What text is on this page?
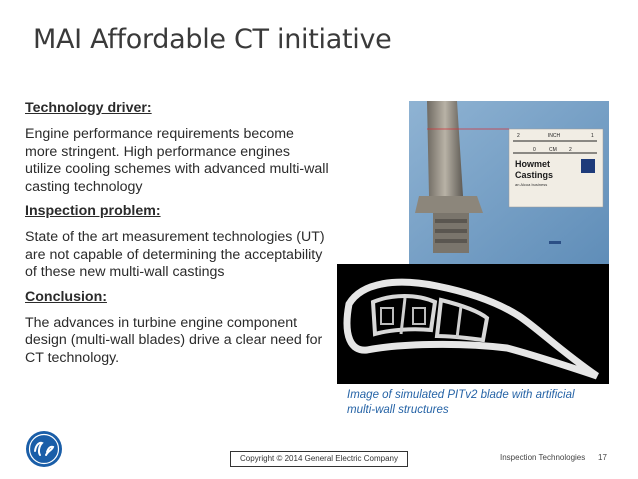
MAI Affordable CT initiative
Technology driver:
Engine performance requirements become more stringent. High performance engines utilize cooling schemes with advanced multi-wall casting technology
Inspection problem:
State of the art measurement technologies (UT) are not capable of determining the acceptability of these new multi-wall castings
Conclusion:
The advances in turbine engine component design (multi-wall blades) drive a clear need for CT technology.
INCH
2	1
0	CM 2
Howmet
Castings
an Alcoa business
Image of simulated PITv2 blade with artificial multi-wall structures
Copyright © 2014 General Electric Company	Inspection Technologies 17
